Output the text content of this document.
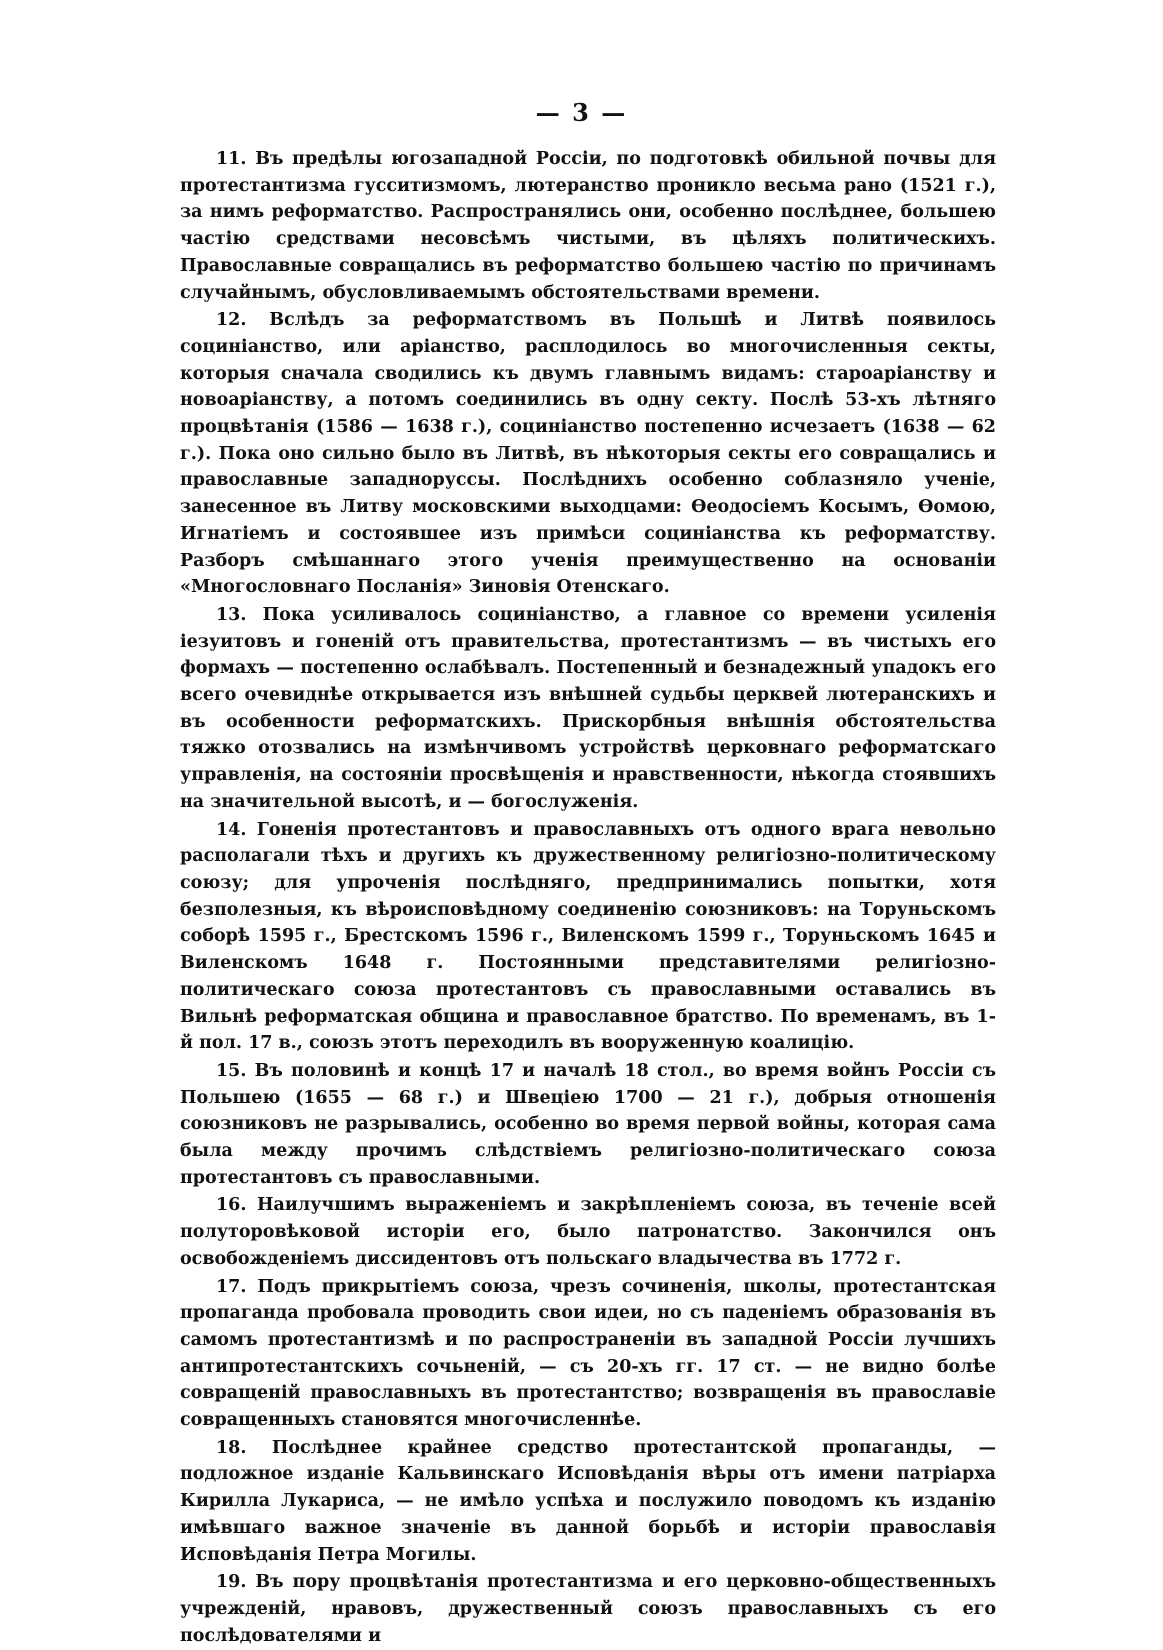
— 3 —

11. Въ предѣлы югозападной Россіи, по подготовкѣ обильной почвы для протестантизма гусситизмомъ, лютеранство проникло весьма рано (1521 г.), за нимъ реформатство. Распространялись они, особенно послѣднее, большею частію средствами несовсѣмъ чистыми, въ цѣляхъ политическихъ. Православные совращались въ реформатство большею частію по причинамъ случайнымъ, обусловливаемымъ обстоятельствами времени.

12. Вслѣдъ за реформатствомъ въ Польшѣ и Литвѣ появилось социніанство, или аріанство, расплодилось во многочисленныя секты, которыя сначала сводились къ двумъ главнымъ видамъ: староаріанству и новоаріанству, а потомъ соединились въ одну секту. Послѣ 53-хъ лѣтняго процвѣтанія (1586 — 1638 г.), социніанство постепенно исчезаетъ (1638 — 62 г.). Пока оно сильно было въ Литвѣ, въ нѣкоторыя секты его совращались и православные западноруссы. Послѣднихъ особенно соблазняло ученіе, занесенное въ Литву московскими выходцами: Ѳеодосіемъ Косымъ, Ѳомою, Игнатіемъ и состоявшее изъ примѣси социніанства къ реформатству. Разборъ смѣшаннаго этого ученія преимущественно на основаніи «Многословнаго Посланія» Зиновія Отенскаго.

13. Пока усиливалось социніанство, а главное со времени усиленія іезуитовъ и гоненій отъ правительства, протестантизмъ — въ чистыхъ его формахъ — постепенно ослабѣвалъ. Постепенный и безнадежный упадокъ его всего очевиднѣе открывается изъ внѣшней судьбы церквей лютеранскихъ и въ особенности реформатскихъ. Прискорбныя внѣшнія обстоятельства тяжко отозвались на измѣнчивомъ устройствѣ церковнаго реформатскаго управленія, на состояніи просвѣщенія и нравственности, нѣкогда стоявшихъ на значительной высотѣ, и — богослуженія.

14. Гоненія протестантовъ и православныхъ отъ одного врага невольно располагали тѣхъ и другихъ къ дружественному религіозно-политическому союзу; для упроченія послѣдняго, предпринимались попытки, хотя безполезныя, къ вѣроисповѣдному соединенію союзниковъ: на Торуньскомъ соборѣ 1595 г., Брестскомъ 1596 г., Виленскомъ 1599 г., Торуньскомъ 1645 и Виленскомъ 1648 г. Постоянными представителями религіозно-политическаго союза протестантовъ съ православными оставались въ Вильнѣ реформатская община и православное братство. По временамъ, въ 1-й пол. 17 в., союзъ этотъ переходилъ въ вооруженную коалицію.

15. Въ половинѣ и концѣ 17 и началѣ 18 стол., во время войнъ Россіи съ Польшею (1655 — 68 г.) и Швеціею 1700 — 21 г.), добрыя отношенія союзниковъ не разрывались, особенно во время первой войны, которая сама была между прочимъ слѣдствіемъ религіозно-политическаго союза протестантовъ съ православными.

16. Наилучшимъ выраженіемъ и закрѣпленіемъ союза, въ теченіе всей полуторовѣковой исторіи его, было патронатство. Закончился онъ освобожденіемъ диссидентовъ отъ польскаго владычества въ 1772 г.

17. Подъ прикрытіемъ союза, чрезъ сочиненія, школы, протестантская пропаганда пробовала проводить свои идеи, но съ паденіемъ образованія въ самомъ протестантизмѣ и по распространеніи въ западной Россіи лучшихъ антипротестантскихъ сочьненій, — съ 20-хъ гг. 17 ст. — не видно болѣе совращеній православныхъ въ протестантство; возвращенія въ православіе совращенныхъ становятся многочисленнѣе.

18. Послѣднее крайнее средство протестантской пропаганды, — подложное изданіе Кальвинскаго Исповѣданія вѣры отъ имени патріарха Кирилла Лукариса, — не имѣло успѣха и послужило поводомъ къ изданію имѣвшаго важное значеніе въ данной борьбѣ и исторіи православія Исповѣданія Петра Могилы.

19. Въ пору процвѣтанія протестантизма и его церковно-общественныхъ учрежденій, нравовъ, дружественный союзъ православныхъ съ его послѣдователями и
